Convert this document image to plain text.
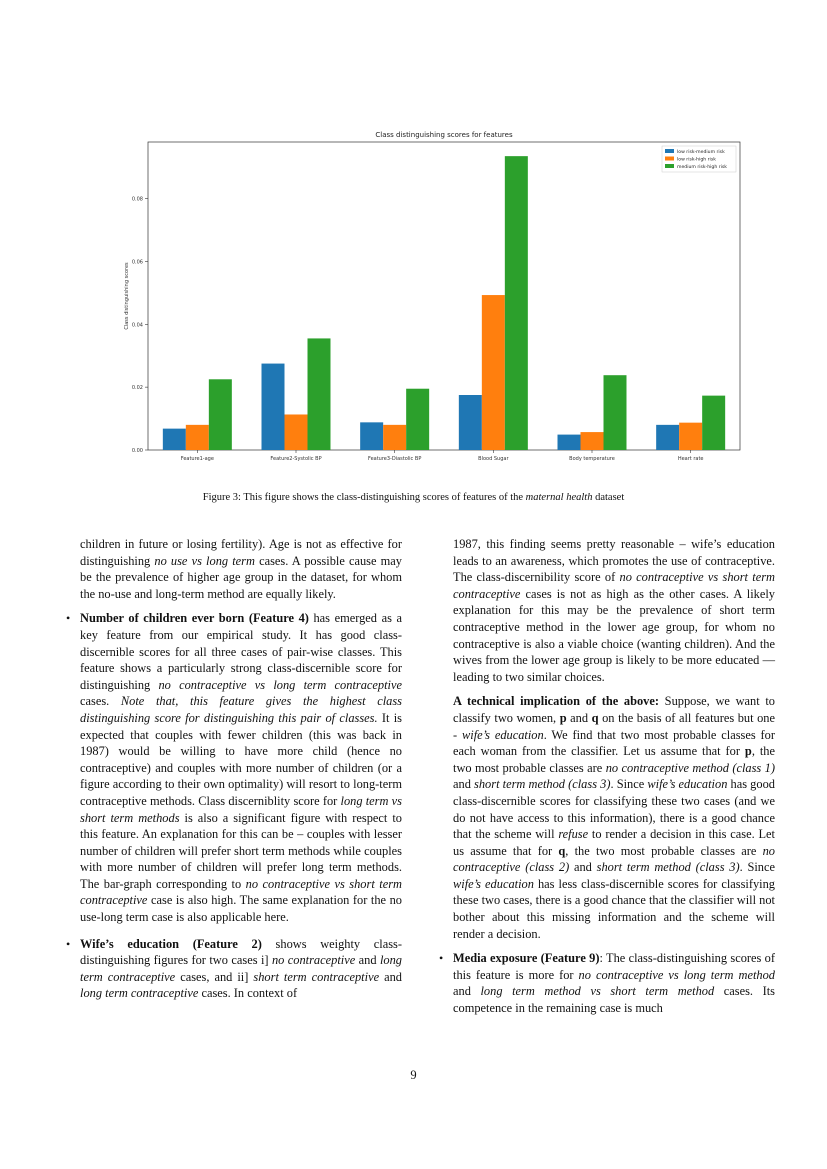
Class distinguishing scores for features
0.00
0.02
0.04
0.06
0.08
Class distinguishing scores
Feature1-age	Feature2-Systolic BP	Feature3-Diastolic BP	Blood Sugar	Body temperature	Heart rate
low risk-medium risk
low risk-high risk
medium risk-high risk
Figure 3: This figure shows the class-distinguishing scores of features of the maternal health dataset

children in future or losing fertility). Age is not as effective for distinguishing no use vs long term cases. A possible cause may be the prevalence of higher age group in the dataset, for whom the no-use and long-term method are equally likely.

• Number of children ever born (Feature 4) has emerged as a key feature from our empirical study. It has good class-discernible scores for all three cases of pair-wise classes. This feature shows a particularly strong class-discernible score for distinguishing no contraceptive vs long term contraceptive cases. Note that, this feature gives the highest class distinguishing score for distinguishing this pair of classes. It is expected that couples with fewer children (this was back in 1987) would be willing to have more child (hence no contraceptive) and couples with more number of children (or a figure according to their own optimality) will resort to long-term contraceptive methods. Class discerniblity score for long term vs short term methods is also a significant figure with respect to this feature. An explanation for this can be – couples with lesser number of children will prefer short term methods while couples with more number of children will prefer long term methods. The bar-graph corresponding to no contraceptive vs short term contraceptive case is also high. The same explanation for the no use-long term case is also applicable here.
• Wife’s education (Feature 2) shows weighty class-distinguishing figures for two cases i] no contraceptive and long term contraceptive cases, and ii] short term contraceptive and long term contraceptive cases. In context of

1987, this finding seems pretty reasonable – wife’s education leads to an awareness, which promotes the use of contraceptive. The class-discernibility score of no contraceptive vs short term contraceptive cases is not as high as the other cases. A likely explanation for this may be the prevalence of short term contraceptive method in the lower age group, for whom no contraceptive is also a viable choice (wanting children). And the wives from the lower age group is likely to be more educated — leading to two similar choices.

A technical implication of the above: Suppose, we want to classify two women, p and q on the basis of all features but one - wife’s education. We find that two most probable classes for each woman from the classifier. Let us assume that for p, the two most probable classes are no contraceptive method (class 1) and short term method (class 3). Since wife’s education has good class-discernible scores for classifying these two cases (and we do not have access to this information), there is a good chance that the scheme will refuse to render a decision in this case. Let us assume that for q, the two most probable classes are no contraceptive (class 2) and short term method (class 3). Since wife’s education has less class-discernible scores for classifying these two cases, there is a good chance that the classifier will not bother about this missing information and the scheme will render a decision.

• Media exposure (Feature 9): The class-distinguishing scores of this feature is more for no contraceptive vs long term method and long term method vs short term method cases. Its competence in the remaining case is much
9
